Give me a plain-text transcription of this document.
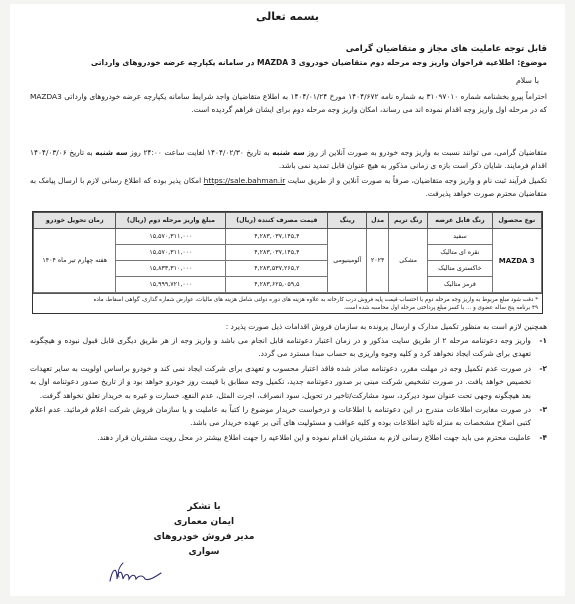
بسمه تعالی
قابل توجه عاملیت های مجاز و متقاضیان گرامی
موضوع:اطلاعیه فراخوان واریز وجه مرحله دوم متقاضیان خودروی MAZDA 3 در سامانه یکپارچه عرضه خودروهای وارداتی
با سلام
احتراماً پیرو بخشنامه شماره ۳۱۰۹۷۰۱۰ به شماره نامه ۱۴۰۴/۶۷۲ مورخ ۱۴۰۴/۰۱/۲۴ به اطلاع متقاضیان واجد شرایط سامانه یکپارچه عرضه خودروهای وارداتی MAZDA3 که در مرحله اول واریز وجه اقدام نموده اند می رساند، امکان واریز وجه مرحله دوم برای ایشان فراهم گردیده است.
متقاضیان گرامی، می توانند نسبت به واریز وجه خودرو به صورت آنلاین از روز سه شنبه به تاریخ ۱۴۰۴/۰۲/۳۰ لغایت ساعت ۲۴:۰۰ روز سه شنبه به تاریخ ۱۴۰۴/۰۳/۰۶ اقدام فرمایند. شایان ذکر است بازه ی زمانی مذکور به هیچ عنوان قابل تمدید نمی باشد.
تکمیل فرآیند ثبت نام و واریز وجه متقاضیان، صرفاً به صورت آنلاین و از طریق سایت https://sale.bahman.ir امکان پذیر بوده که اطلاع رسانی لازم با ارسال پیامک به متقاضیان محترم صورت خواهد پذیرفت.
نوع محصول	رنگ قابل عرضه	رنگ تریم	مدل	رینگ	قیمت مصرف کننده (ریال)	مبلغ واریز مرحله دوم (ریال)	زمان تحویل خودرو
MAZDA 3	سفید	مشکی	۲۰۲۴	آلومینیومی	۴,۲۸۳,۰۳۷,۱۴۵,۴	۱۵,۵۷۰,۳۱۱,۰۰۰	هفته چهارم تیر ماه ۱۴۰۴
	نقره ای متالیک				۴,۲۸۳,۰۳۷,۱۴۵,۴	۱۵,۵۷۰,۳۱۱,۰۰۰	
	خاکستری متالیک				۴,۲۸۳,۵۳۷,۲۶۵,۲	۱۵,۸۳۳,۳۱۰,۰۰۰	
	قرمز متالیک				۴,۲۸۳,۶۲۵,۰۵۹,۵	۱۵,۹۹۹,۷۲۱,۰۰۰	
* دقت شود مبلغ مربوط به واریز وجه مرحله دوم با احتساب قیمت پایه فروش درب کارخانه به علاوه هزینه های دوره دولتی شامل هزینه های مالیات، عوارض شماره گذاری، گواهی اسقاط، ماده
۴۹ برنامه پنج ساله عضوی و ... با کسر مبلغ پرداختی مرحله اول محاسبه شده است.
همچنین لازم است به منظور تکمیل مدارک و ارسال پرونده به سازمان فروش اقدامات ذیل صورت پذیرد :
۱-
واریز وجه دعوتنامه مرحله ۲ از طریق سایت مذکور و در زمان اعتبار دعوتنامه قابل انجام می باشد و واریز وجه از هر طریق دیگری قابل قبول نبوده و هیچگونه تعهدی برای شرکت ایجاد نخواهد کرد و کلیه وجوه واریزی به حساب مبدا مسترد می گردد.
۲-
در صورت عدم تکمیل وجه در مهلت مقرر، دعوتنامه صادر شده فاقد اعتبار محسوب و تعهدی برای شرکت ایجاد نمی کند و خودرو براساس اولویت به سایر تعهدات تخصیص خواهد یافت. در صورت تشخیص شرکت مبنی بر صدور دعوتنامه جدید، تکمیل وجه مطابق با قیمت روز خودرو خواهد بود و از تاریخ صدور دعوتنامه اول به بعد هیچگونه وجهی تحت عنوان سود دیرکرد، سود مشارکت/تاخیر در تحویل، سود انصراف، اجرت المثل، عدم النفع، خسارت و غیره به خریدار تعلق نخواهد گرفت.
۳-
در صورت مغایرت اطلاعات مندرج در این دعوتنامه با اطلاعات و درخواست خریدار موضوع را کتباً به عاملیت و یا سازمان فروش شرکت اعلام فرمائید. عدم اعلام کتبی اصلاح مشخصات به منزله تائید اطلاعات بوده و کلیه عواقب و مسئولیت های آتی بر عهده خریدار می باشد.
۴-
عاملیت محترم می باید جهت اطلاع رسانی لازم به مشتریان اقدام نموده و این اطلاعیه را جهت اطلاع بیشتر در محل رویت مشتریان قرار دهند.
با تشکر
ایمان معماری
مدیر فروش خودروهای سواری
